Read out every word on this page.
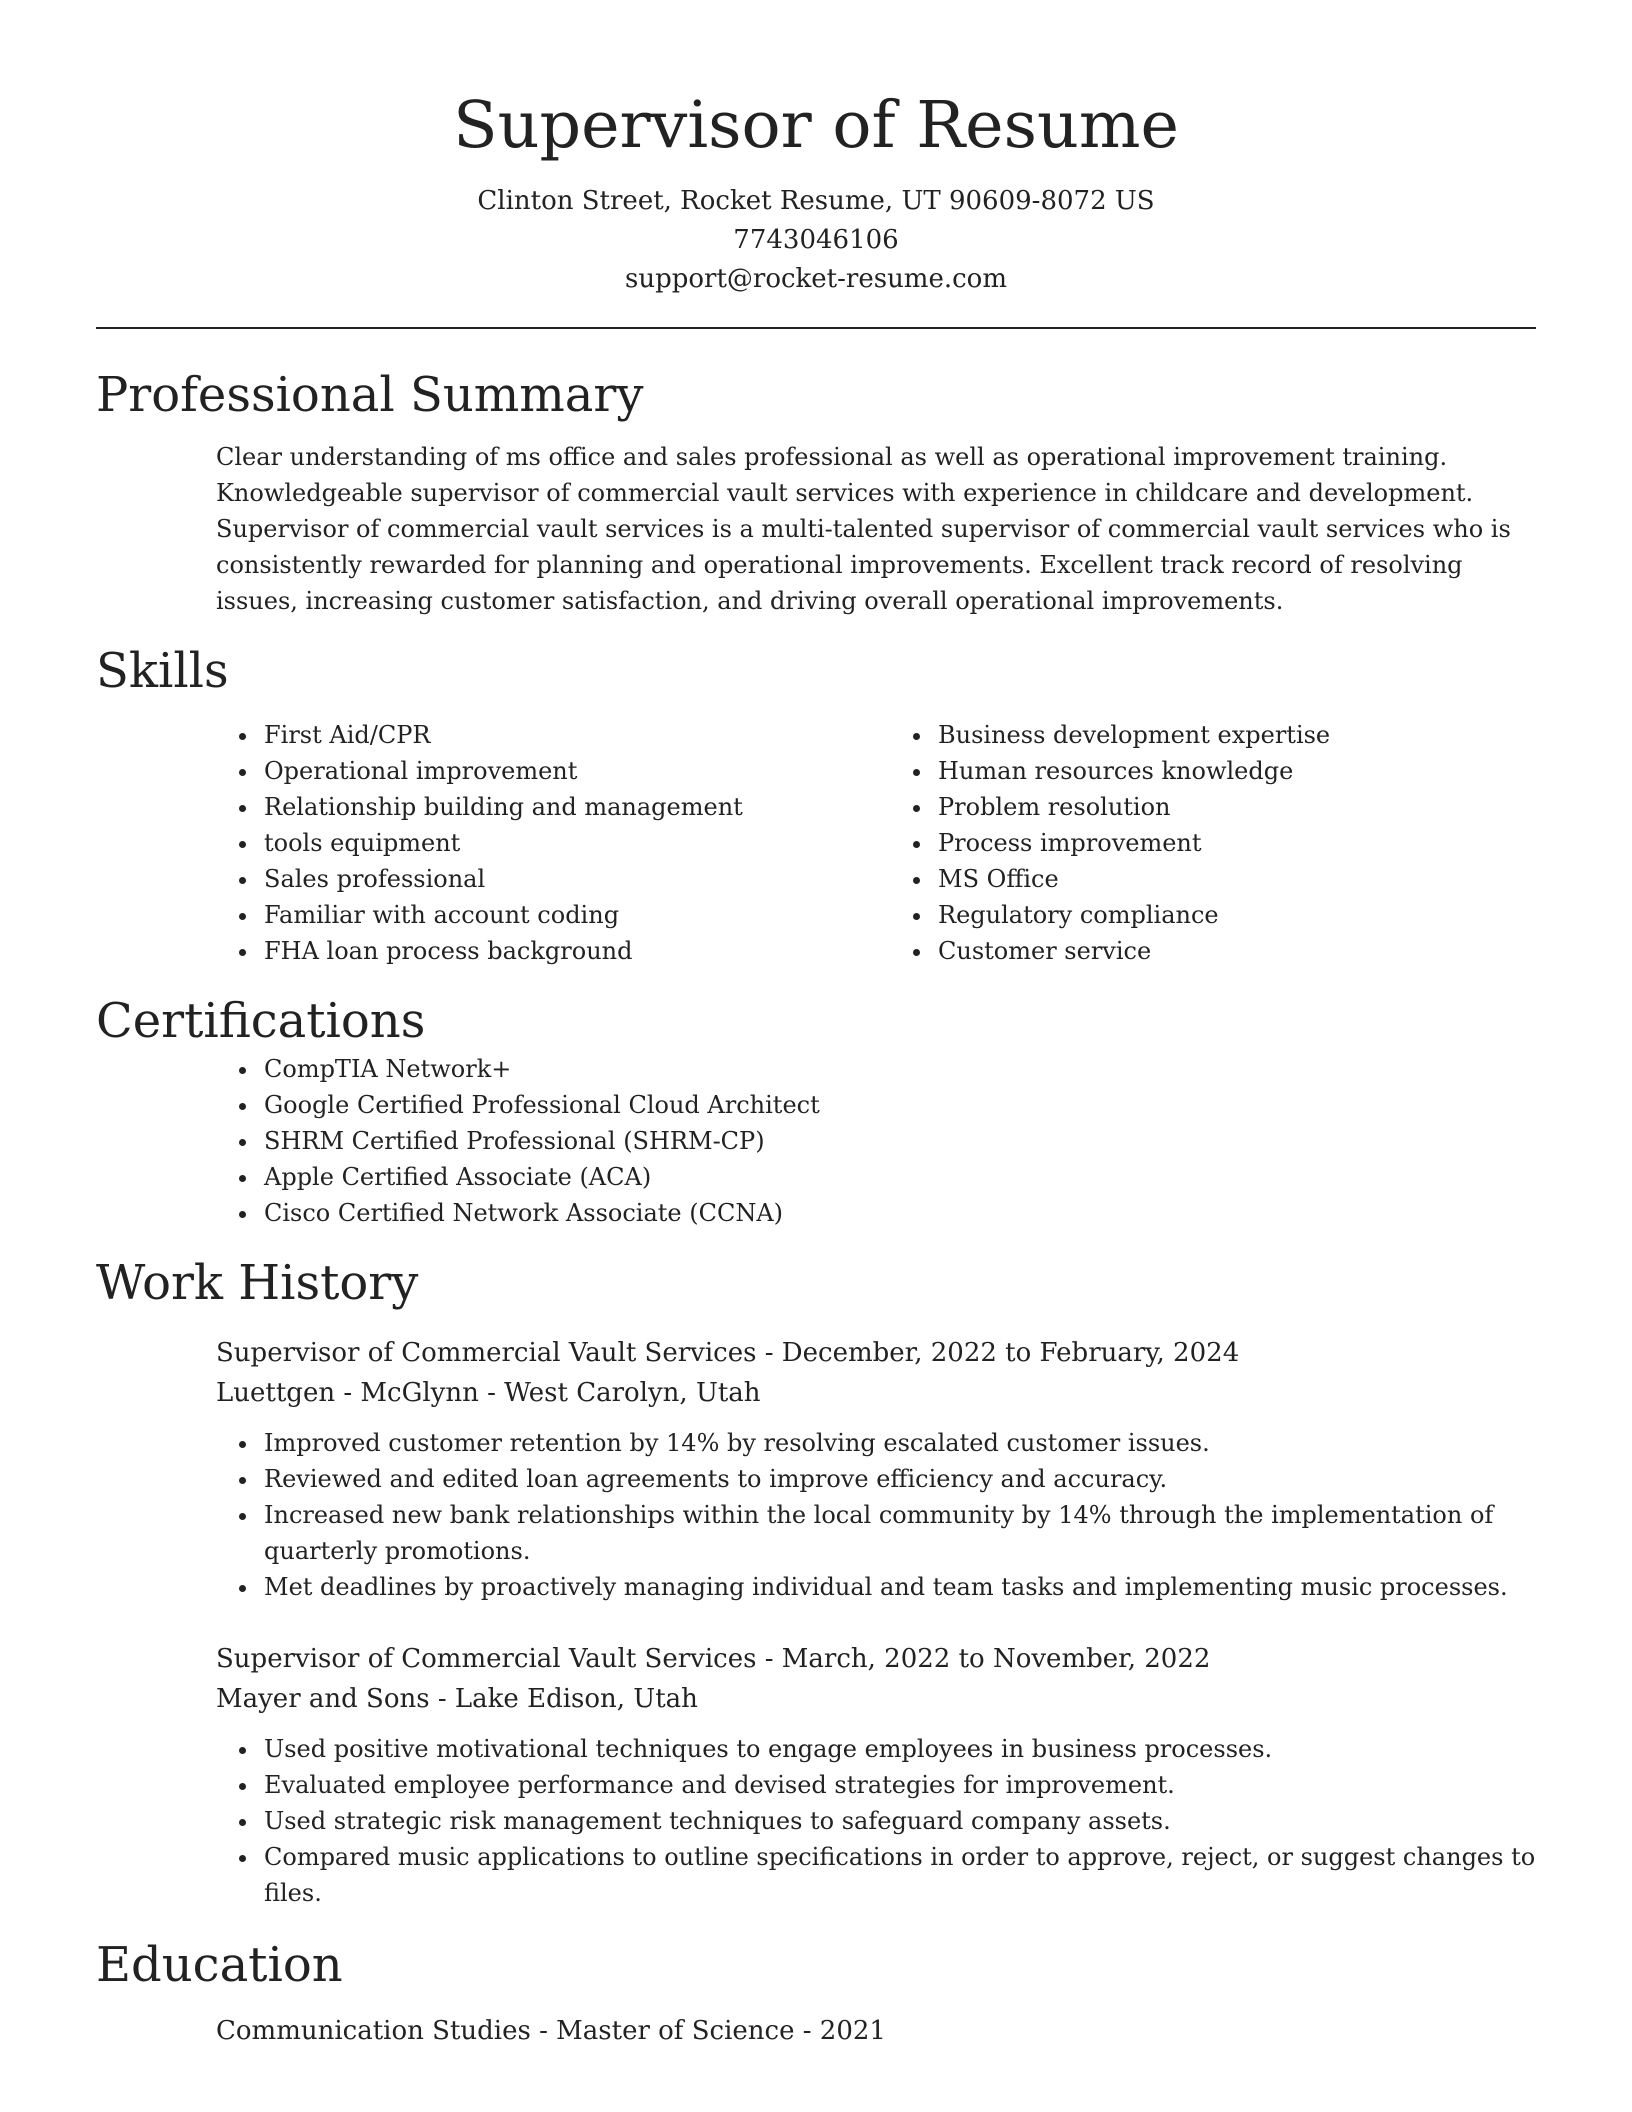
Supervisor of Resume
Clinton Street, Rocket Resume, UT 90609-8072 US
7743046106
support@rocket-resume.com
Professional Summary

Clear understanding of ms office and sales professional as well as operational improvement training. Knowledgeable supervisor of commercial vault services with experience in childcare and development. Supervisor of commercial vault services is a multi-talented supervisor of commercial vault services who is consistently rewarded for planning and operational improvements. Excellent track record of resolving issues, increasing customer satisfaction, and driving overall operational improvements.

Skills
• First Aid/CPR
• Operational improvement
• Relationship building and management
• tools equipment
• Sales professional
• Familiar with account coding
• FHA loan process background
• Business development expertise
• Human resources knowledge
• Problem resolution
• Process improvement
• MS Office
• Regulatory compliance
• Customer service
Certifications
• CompTIA Network+
• Google Certified Professional Cloud Architect
• SHRM Certified Professional (SHRM-CP)
• Apple Certified Associate (ACA)
• Cisco Certified Network Associate (CCNA)
Work History
Supervisor of Commercial Vault Services - December, 2022 to February, 2024
Luettgen - McGlynn - West Carolyn, Utah
• Improved customer retention by 14% by resolving escalated customer issues.
• Reviewed and edited loan agreements to improve efficiency and accuracy.
• Increased new bank relationships within the local community by 14% through the implementation of quarterly promotions.
• Met deadlines by proactively managing individual and team tasks and implementing music processes.
Supervisor of Commercial Vault Services - March, 2022 to November, 2022
Mayer and Sons - Lake Edison, Utah
• Used positive motivational techniques to engage employees in business processes.
• Evaluated employee performance and devised strategies for improvement.
• Used strategic risk management techniques to safeguard company assets.
• Compared music applications to outline specifications in order to approve, reject, or suggest changes to files.
Education
Communication Studies - Master of Science - 2021
